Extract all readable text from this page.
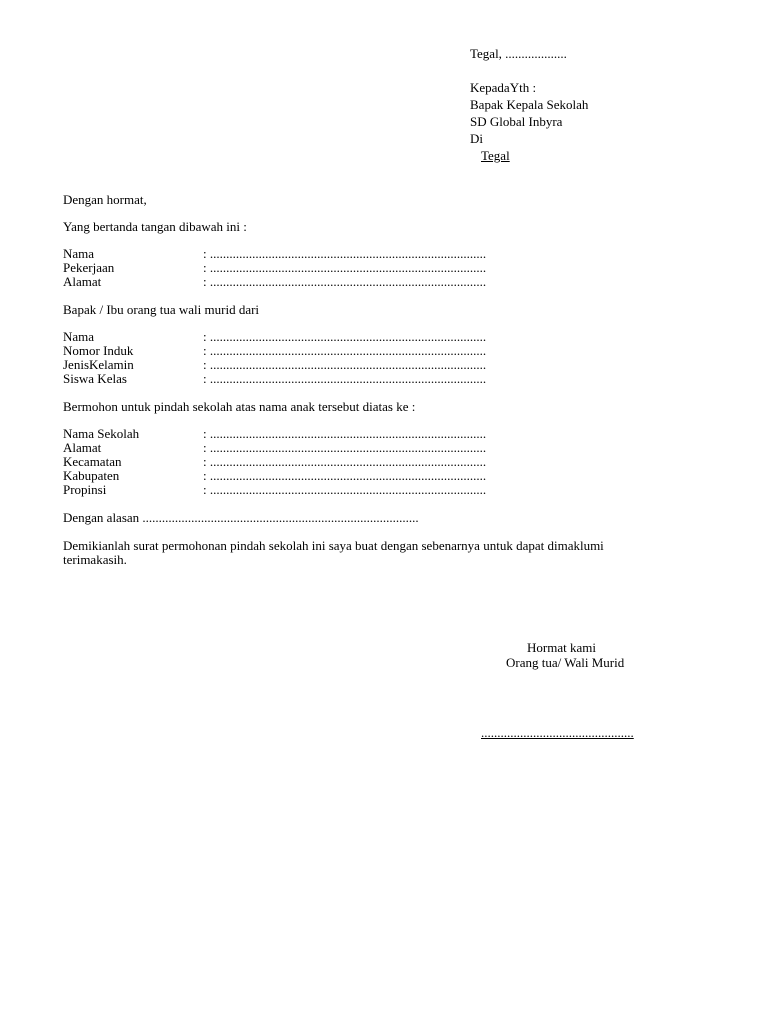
Tegal, ...................
KepadaYth :
Bapak Kepala Sekolah
SD Global Inbyra
Di
Tegal
Dengan hormat,
Yang bertanda tangan dibawah ini :
Nama	: .....................................................................................
Pekerjaan	: .....................................................................................
Alamat	: .....................................................................................
Bapak / Ibu orang tua wali murid dari
Nama	: .....................................................................................
Nomor Induk	: .....................................................................................
JenisKelamin	: .....................................................................................
Siswa Kelas	: .....................................................................................
Bermohon untuk pindah sekolah atas nama anak tersebut diatas ke :
Nama Sekolah	: .....................................................................................
Alamat	: .....................................................................................
Kecamatan	: .....................................................................................
Kabupaten	: .....................................................................................
Propinsi	: .....................................................................................
Dengan alasan .....................................................................................
Demikianlah surat permohonan pindah sekolah ini saya buat dengan sebenarnya untuk dapat dimaklumi
terimakasih.
Hormat kami
Orang tua/ Wali Murid
...............................................
